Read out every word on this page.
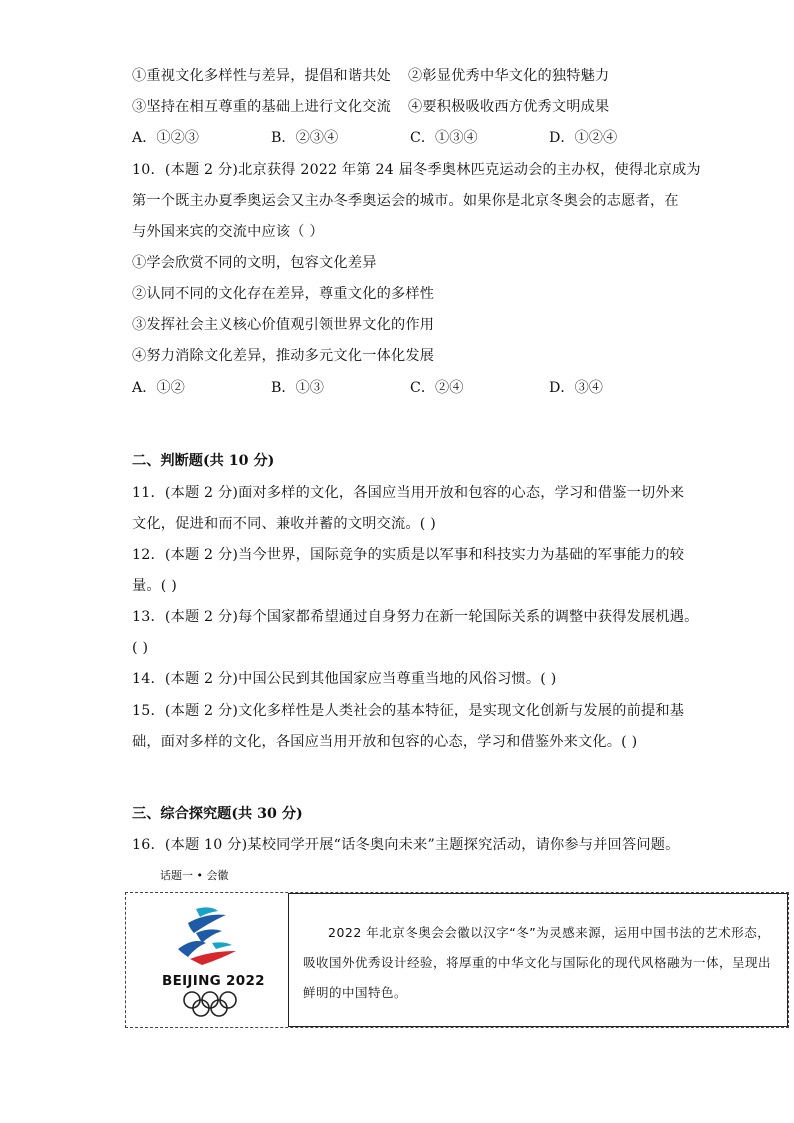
①重视文化多样性与差异，提倡和谐共处 ②彰显优秀中华文化的独特魅力
③坚持在相互尊重的基础上进行文化交流 ④要积极吸收西方优秀文明成果
A．①②③	B．②③④	C．①③④	D．①②④
10．(本题 2 分)北京获得 2022 年第 24 届冬季奥林匹克运动会的主办权，使得北京成为
第一个既主办夏季奥运会又主办冬季奥运会的城市。如果你是北京冬奥会的志愿者，在
与外国来宾的交流中应该（ ）
①学会欣赏不同的文明，包容文化差异
②认同不同的文化存在差异，尊重文化的多样性
③发挥社会主义核心价值观引领世界文化的作用
④努力消除文化差异，推动多元文化一体化发展
A．①②	B．①③	C．②④	D．③④
二、判断题(共 10 分)
11．(本题 2 分)面对多样的文化，各国应当用开放和包容的心态，学习和借鉴一切外来
文化，促进和而不同、兼收并蓄的文明交流。( )
12．(本题 2 分)当今世界，国际竞争的实质是以军事和科技实力为基础的军事能力的较
量。( )
13．(本题 2 分)每个国家都希望通过自身努力在新一轮国际关系的调整中获得发展机遇。
( )
14．(本题 2 分)中国公民到其他国家应当尊重当地的风俗习惯。( )
15．(本题 2 分)文化多样性是人类社会的基本特征，是实现文化创新与发展的前提和基
础，面对多样的文化，各国应当用开放和包容的心态，学习和借鉴外来文化。( )
三、综合探究题(共 30 分)
16．(本题 10 分)某校同学开展“话冬奥向未来”主题探究活动，请你参与并回答问题。
话题一 • 会徽
BEIJING 2022

2022 年北京冬奥会会徽以汉字“冬”为灵感来源，运用中国书法的艺术形态，吸收国外优秀设计经验，将厚重的中华文化与国际化的现代风格融为一体，呈现出鲜明的中国特色。
